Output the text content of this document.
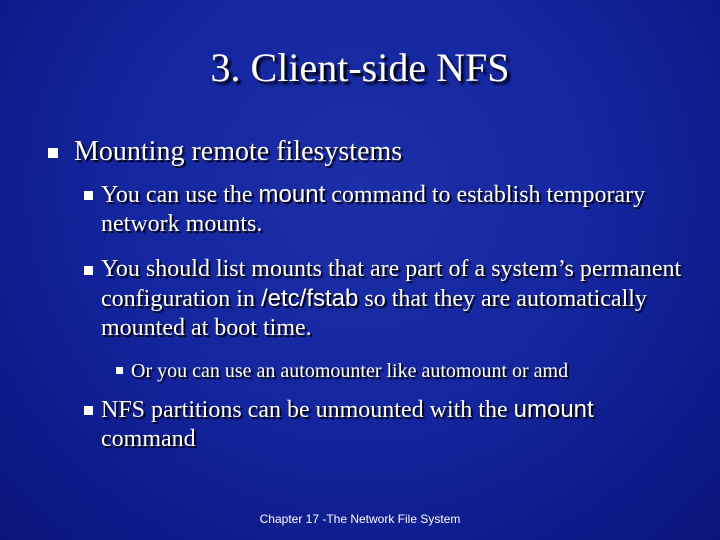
3. Client-side NFS
Mounting remote filesystems
You can use the mount command to establish temporary network mounts.
You should list mounts that are part of a system’s permanent configuration in /etc/fstab so that they are automatically mounted at boot time.
Or you can use an automounter like automount or amd
NFS partitions can be unmounted with the umount command
Chapter 17 -The Network File System
